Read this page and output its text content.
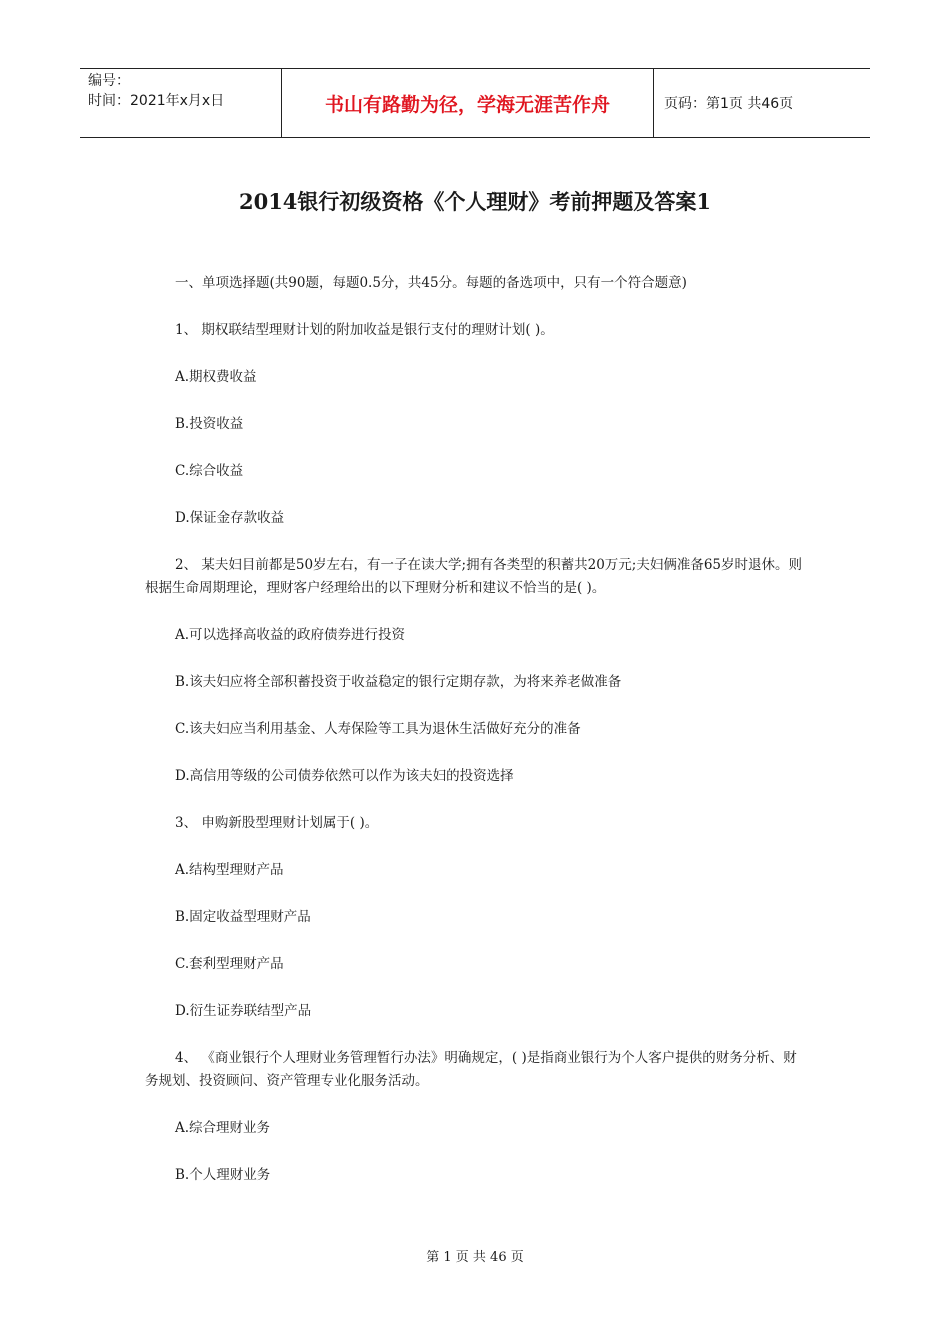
编号：
时间：2021年x月x日	书山有路勤为径，学海无涯苦作舟	页码：第1页 共46页
2014银行初级资格《个人理财》考前押题及答案1

一、单项选择题(共90题，每题0.5分，共45分。每题的备选项中，只有一个符合题意)

1、 期权联结型理财计划的附加收益是银行支付的理财计划( )。

A.期权费收益

B.投资收益

C.综合收益

D.保证金存款收益

2、 某夫妇目前都是50岁左右，有一子在读大学;拥有各类型的积蓄共20万元;夫妇俩准备65岁时退休。则根据生命周期理论，理财客户经理给出的以下理财分析和建议不恰当的是( )。

A.可以选择高收益的政府债券进行投资

B.该夫妇应将全部积蓄投资于收益稳定的银行定期存款，为将来养老做准备

C.该夫妇应当利用基金、人寿保险等工具为退休生活做好充分的准备

D.高信用等级的公司债券依然可以作为该夫妇的投资选择

3、 申购新股型理财计划属于( )。

A.结构型理财产品

B.固定收益型理财产品

C.套利型理财产品

D.衍生证券联结型产品

4、 《商业银行个人理财业务管理暂行办法》明确规定，( )是指商业银行为个人客户提供的财务分析、财务规划、投资顾问、资产管理专业化服务活动。

A.综合理财业务

B.个人理财业务

第 1 页 共 46 页
